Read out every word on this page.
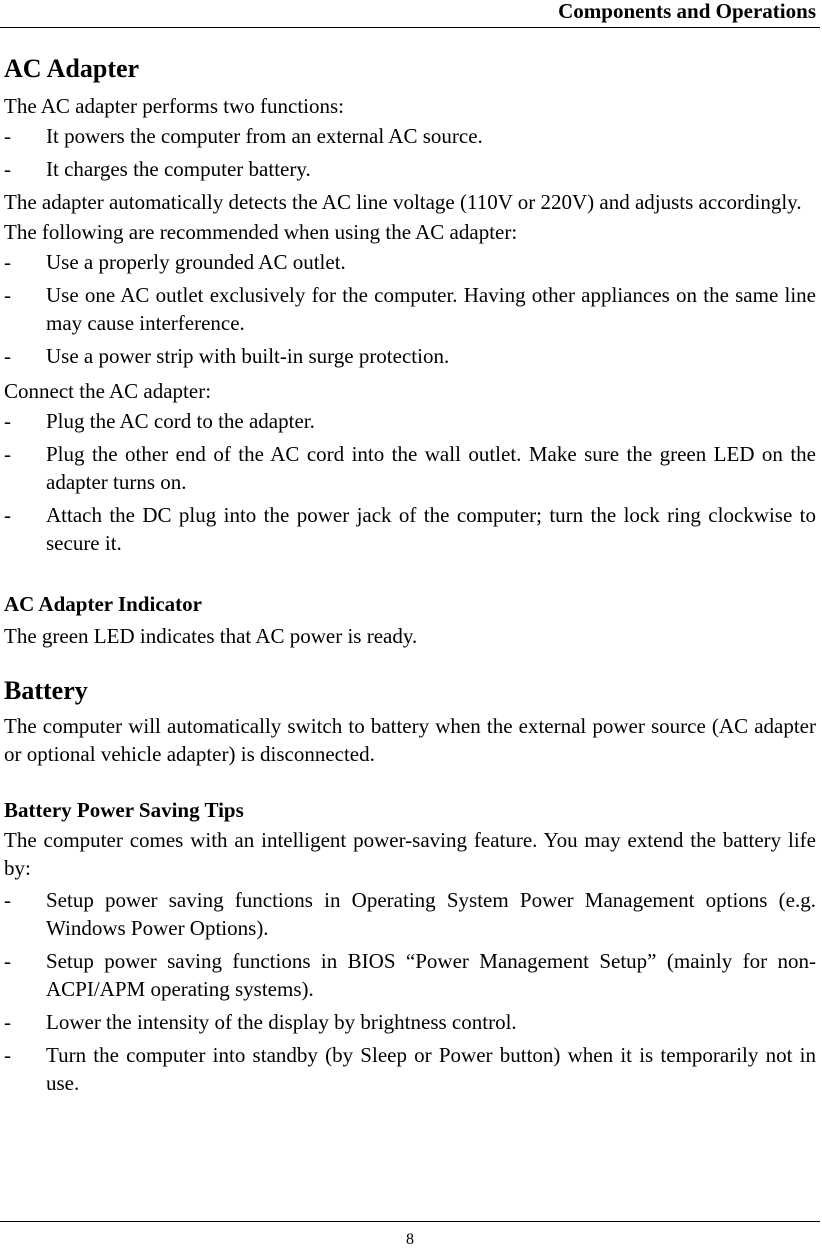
Components and Operations
AC Adapter
The AC adapter performs two functions:
- It powers the computer from an external AC source.
- It charges the computer battery.
The adapter automatically detects the AC line voltage (110V or 220V) and adjusts accordingly.
The following are recommended when using the AC adapter:
- Use a properly grounded AC outlet.
- Use one AC outlet exclusively for the computer. Having other appliances on the same line may cause interference.
- Use a power strip with built-in surge protection.
Connect the AC adapter:
- Plug the AC cord to the adapter.
- Plug the other end of the AC cord into the wall outlet. Make sure the green LED on the adapter turns on.
- Attach the DC plug into the power jack of the computer; turn the lock ring clockwise to secure it.
AC Adapter Indicator
The green LED indicates that AC power is ready.
Battery
The computer will automatically switch to battery when the external power source (AC adapter or optional vehicle adapter) is disconnected.
Battery Power Saving Tips
The computer comes with an intelligent power-saving feature. You may extend the battery life by:
- Setup power saving functions in Operating System Power Management options (e.g. Windows Power Options).
- Setup power saving functions in BIOS “Power Management Setup” (mainly for non-ACPI/APM operating systems).
- Lower the intensity of the display by brightness control.
- Turn the computer into standby (by Sleep or Power button) when it is temporarily not in use.
8
